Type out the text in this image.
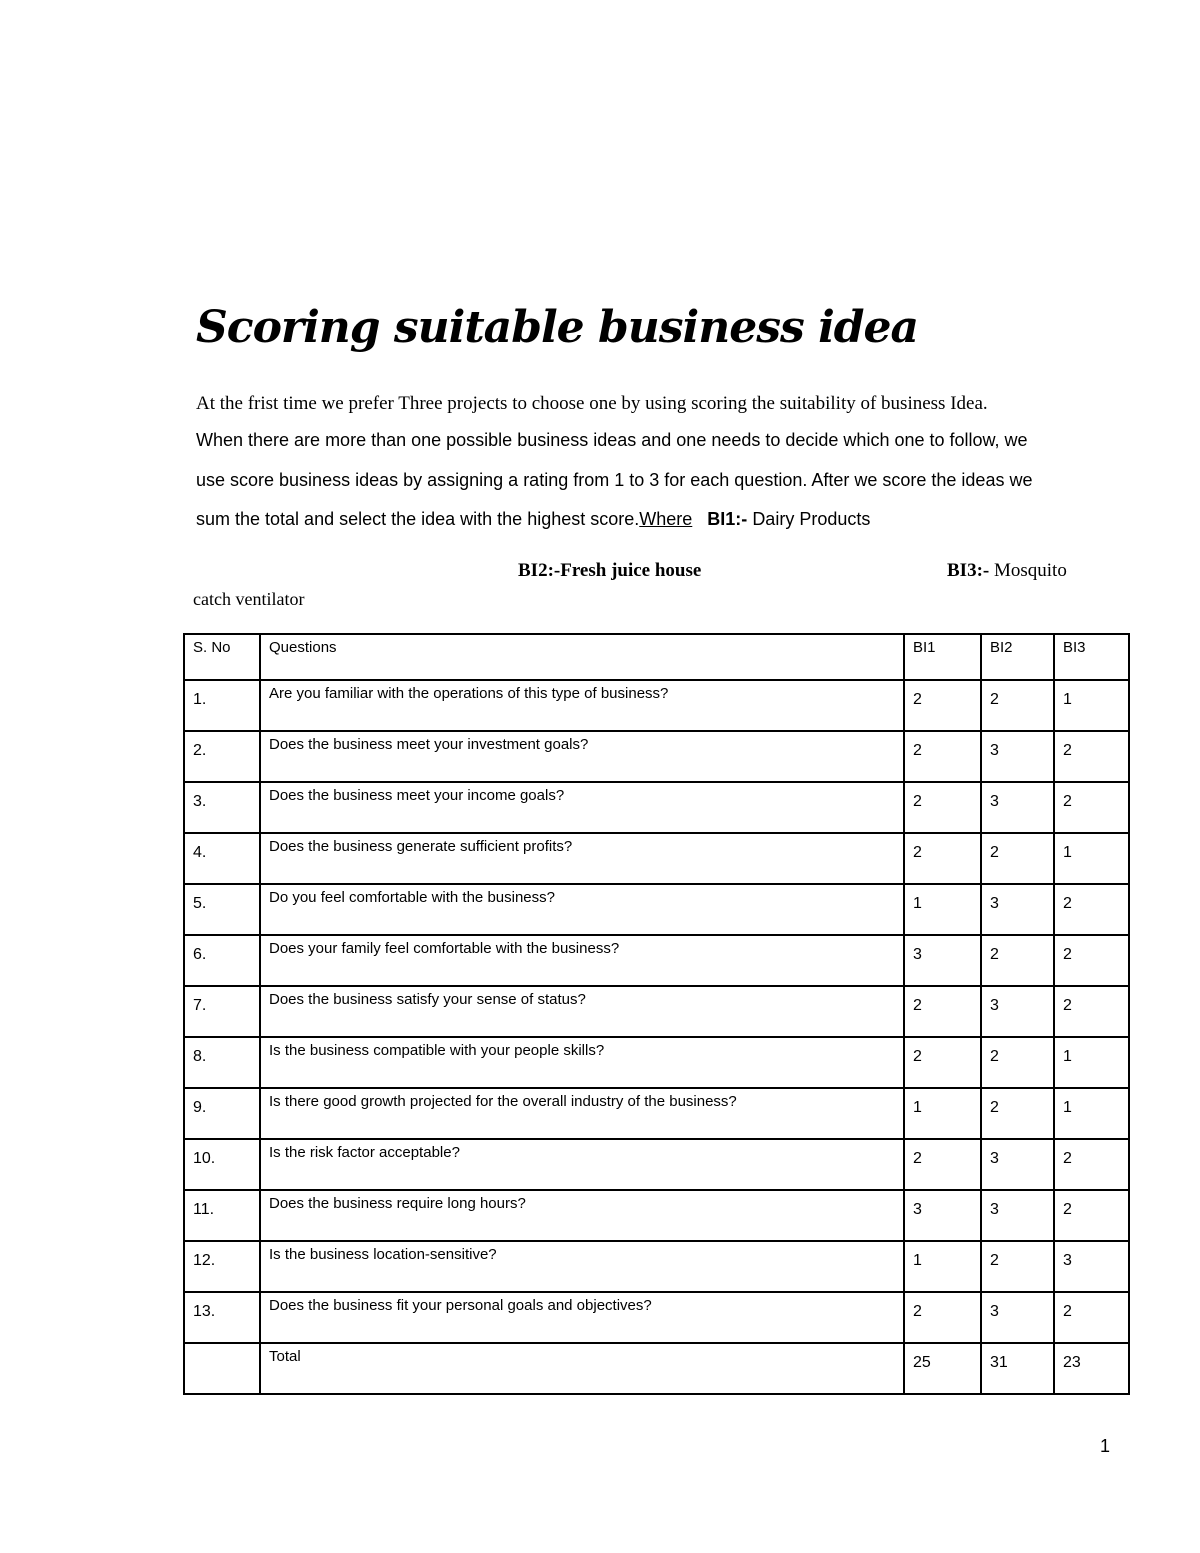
Scoring suitable business idea
At the frist time we prefer Three projects to choose one by using scoring the suitability of business Idea.
When there are more than one possible business ideas and one needs to decide which one to follow, we
use score business ideas by assigning a rating from 1 to 3 for each question. After we score the ideas we
sum the total and select the idea with the highest score.Where BI1:- Dairy Products
BI2:-Fresh juice house	BI3:- Mosquito
catch ventilator
S. No	Questions	BI1	BI2	BI3
1.	Are you familiar with the operations of this type of business?	2	2	1
2.	Does the business meet your investment goals?	2	3	2
3.	Does the business meet your income goals?	2	3	2
4.	Does the business generate sufficient profits?	2	2	1
5.	Do you feel comfortable with the business?	1	3	2
6.	Does your family feel comfortable with the business?	3	2	2
7.	Does the business satisfy your sense of status?	2	3	2
8.	Is the business compatible with your people skills?	2	2	1
9.	Is there good growth projected for the overall industry of the business?	1	2	1
10.	Is the risk factor acceptable?	2	3	2
11.	Does the business require long hours?	3	3	2
12.	Is the business location-sensitive?	1	2	3
13.	Does the business fit your personal goals and objectives?	2	3	2
	Total	25	31	23
1
